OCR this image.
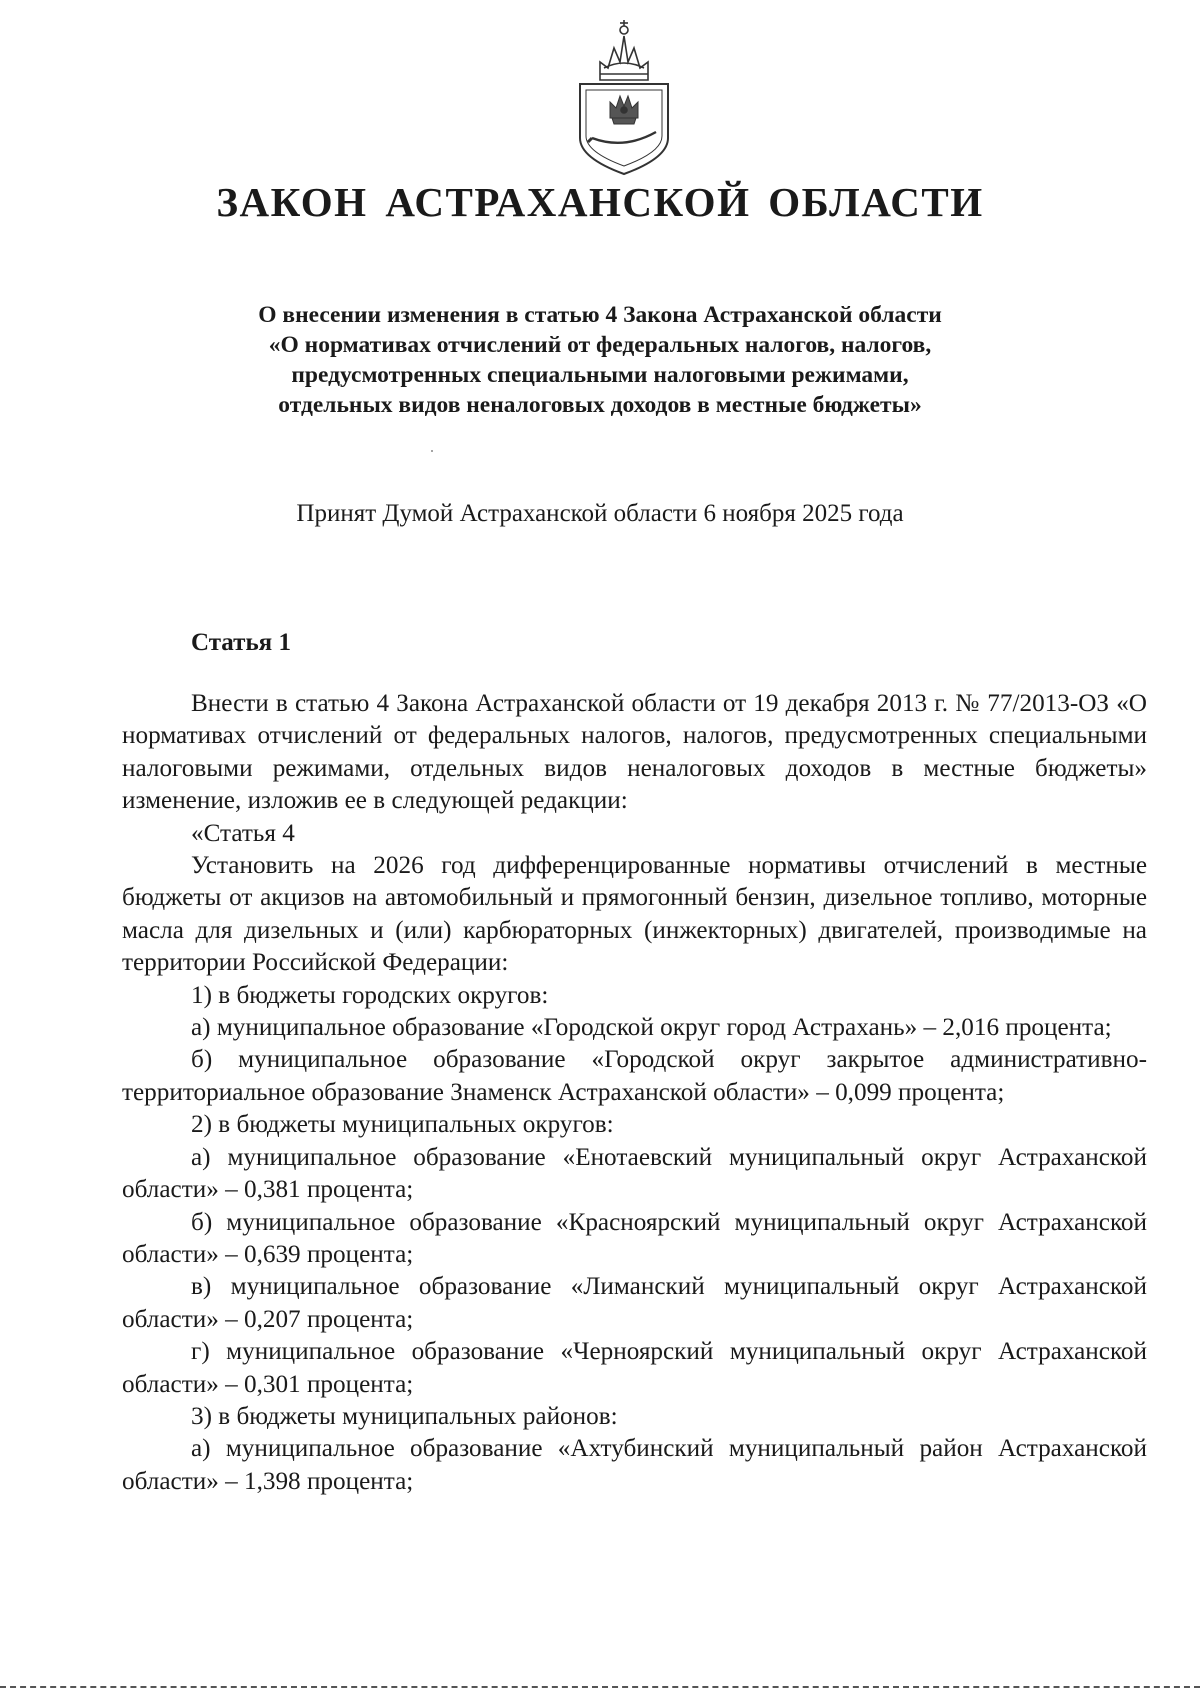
ЗАКОН АСТРАХАНСКОЙ ОБЛАСТИ
О внесении изменения в статью 4 Закона Астраханской области
«О нормативах отчислений от федеральных налогов, налогов,
предусмотренных специальными налоговыми режимами,
отдельных видов неналоговых доходов в местные бюджеты»
Принят Думой Астраханской области 6 ноября 2025 года
Статья 1

Внести в статью 4 Закона Астраханской области от 19 декабря 2013 г. № 77/2013-ОЗ «О нормативах отчислений от федеральных налогов, налогов, предусмотренных специальными налоговыми режимами, отдельных видов неналоговых доходов в местные бюджеты» изменение, изложив ее в следующей редакции:

«Статья 4

Установить на 2026 год дифференцированные нормативы отчислений в местные бюджеты от акцизов на автомобильный и прямогонный бензин, дизельное топливо, моторные масла для дизельных и (или) карбюраторных (инжекторных) двигателей, производимые на территории Российской Федерации:

1) в бюджеты городских округов:

а) муниципальное образование «Городской округ город Астрахань» – 2,016 процента;

б) муниципальное образование «Городской округ закрытое административно-территориальное образование Знаменск Астраханской области» – 0,099 процента;

2) в бюджеты муниципальных округов:

а) муниципальное образование «Енотаевский муниципальный округ Астраханской области» – 0,381 процента;

б) муниципальное образование «Красноярский муниципальный округ Астраханской области» – 0,639 процента;

в) муниципальное образование «Лиманский муниципальный округ Астраханской области» – 0,207 процента;

г) муниципальное образование «Черноярский муниципальный округ Астраханской области» – 0,301 процента;

3) в бюджеты муниципальных районов:

а) муниципальное образование «Ахтубинский муниципальный район Астраханской области» – 1,398 процента;
